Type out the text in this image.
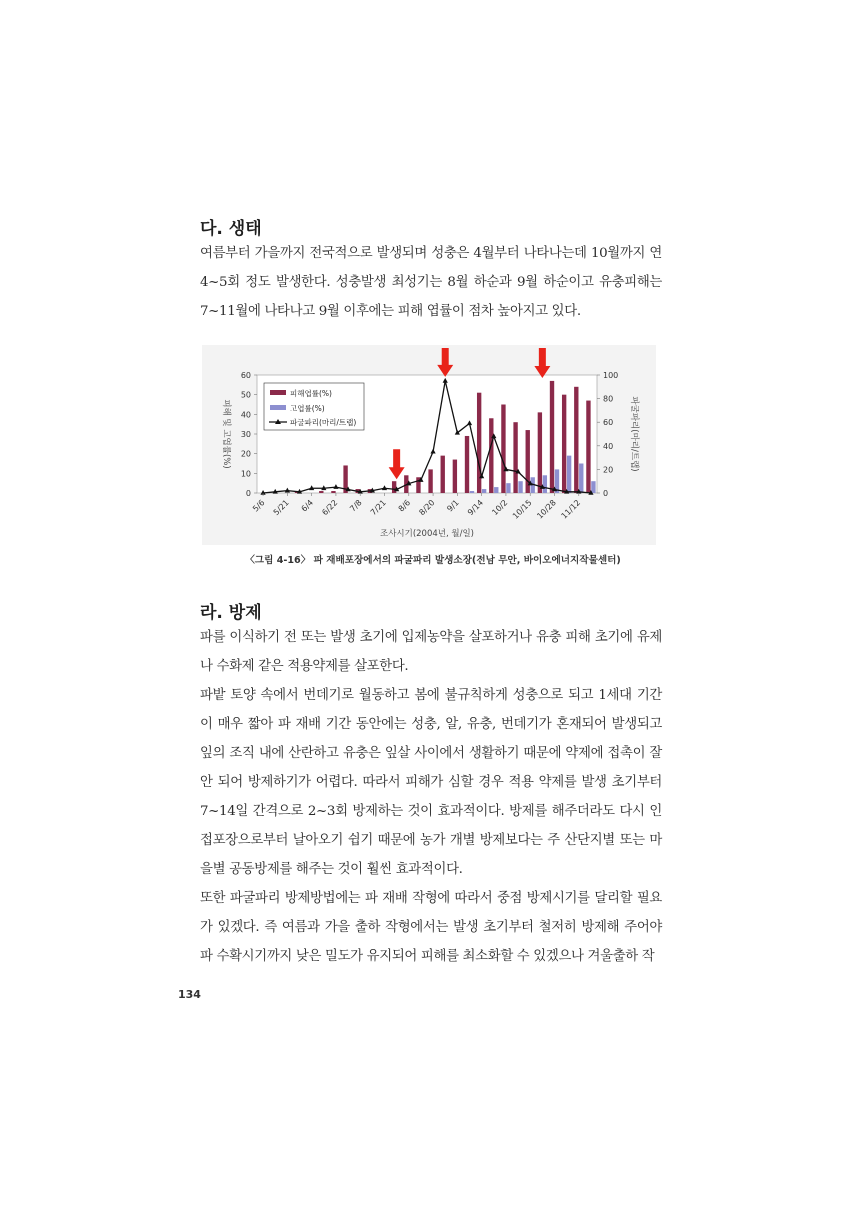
다. 생태

여름부터 가을까지 전국적으로 발생되며 성충은 4월부터 나타나는데 10월까지 연 4~5회 정도 발생한다. 성충발생 최성기는 8월 하순과 9월 하순이고 유충피해는 7~11월에 나타나고 9월 이후에는 피해 엽률이 점차 높아지고 있다.

0
10
20
30
40
50
60
0
20
40
60
80
100
5/6 5/21 6/4 6/22 7/8 7/21 8/6 8/20 9/1 9/14 10/2 10/15 10/28 11/12
피해 및 고엽률(%)	파굴파리(마리/트랩)
조사시기(2004년, 월/일)
피해엽률(%)
고엽률(%)
파굴파리(마리/트랩)
〈그림 4-16〉 파 재배포장에서의 파굴파리 발생소장(전남 무안, 바이오에너지작물센터)
라. 방제

파를 이식하기 전 또는 발생 초기에 입제농약을 살포하거나 유충 피해 초기에 유제나 수화제 같은 적용약제를 살포한다.

파밭 토양 속에서 번데기로 월동하고 봄에 불규칙하게 성충으로 되고 1세대 기간이 매우 짧아 파 재배 기간 동안에는 성충, 알, 유충, 번데기가 혼재되어 발생되고 잎의 조직 내에 산란하고 유충은 잎살 사이에서 생활하기 때문에 약제에 접촉이 잘 안 되어 방제하기가 어렵다. 따라서 피해가 심할 경우 적용 약제를 발생 초기부터 7~14일 간격으로 2~3회 방제하는 것이 효과적이다. 방제를 해주더라도 다시 인접포장으로부터 날아오기 쉽기 때문에 농가 개별 방제보다는 주 산단지별 또는 마을별 공동방제를 해주는 것이 훨씬 효과적이다.

또한 파굴파리 방제방법에는 파 재배 작형에 따라서 중점 방제시기를 달리할 필요가 있겠다. 즉 여름과 가을 출하 작형에서는 발생 초기부터 철저히 방제해 주어야 파 수확시기까지 낮은 밀도가 유지되어 피해를 최소화할 수 있겠으나 겨울출하 작

134
